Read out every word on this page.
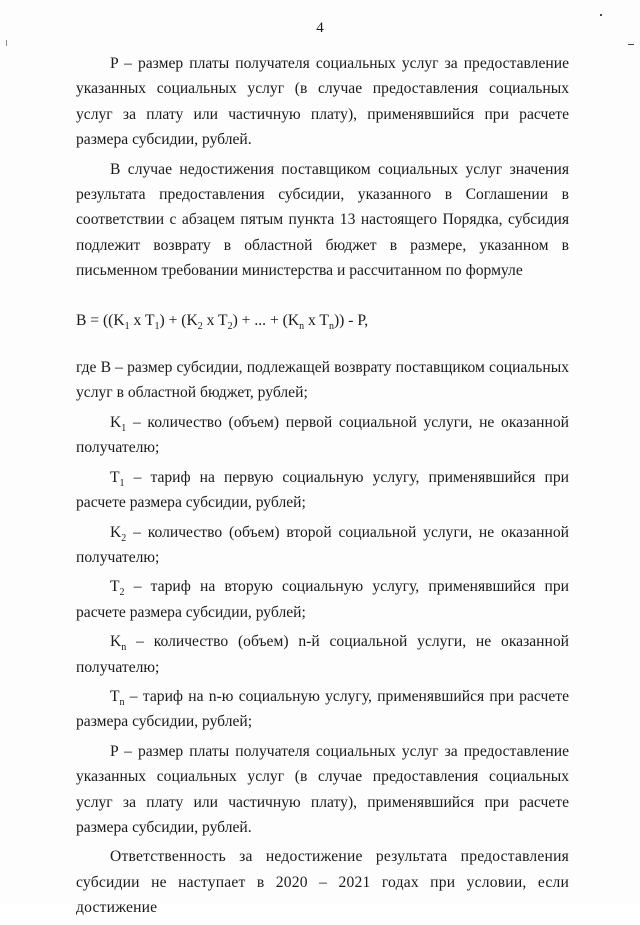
4

P – размер платы получателя социальных услуг за предоставление указанных социальных услуг (в случае предоставления социальных услуг за плату или частичную плату), применявшийся при расчете размера субсидии, рублей.

В случае недостижения поставщиком социальных услуг значения результата предоставления субсидии, указанного в Соглашении в соответствии с абзацем пятым пункта 13 настоящего Порядка, субсидия подлежит возврату в областной бюджет в размере, указанном в письменном требовании министерства и рассчитанном по формуле

$B = ((K_1$ x $T_1) + (K_2$ x $T_2$) + ... + ($K_n$ x $T_n$)) - P,

где B – размер субсидии, подлежащей возврату поставщиком социальных услуг в областной бюджет, рублей;

$K_1$ – количество (объем) первой социальной услуги, не оказанной получателю;

$T_1$ – тариф на первую социальную услугу, применявшийся при расчете размера субсидии, рублей;

$K_2$ – количество (объем) второй социальной услуги, не оказанной получателю;

$T_2$ – тариф на вторую социальную услугу, применявшийся при расчете размера субсидии, рублей;

$K_n$ – количество (объем) n-й социальной услуги, не оказанной получателю;

$T_n$ – тариф на n-ю социальную услугу, применявшийся при расчете размера субсидии, рублей;

P – размер платы получателя социальных услуг за предоставление указанных социальных услуг (в случае предоставления социальных услуг за плату или частичную плату), применявшийся при расчете размера субсидии, рублей.

Ответственность за недостижение результата предоставления субсидии не наступает в 2020 – 2021 годах при условии, если достижение
